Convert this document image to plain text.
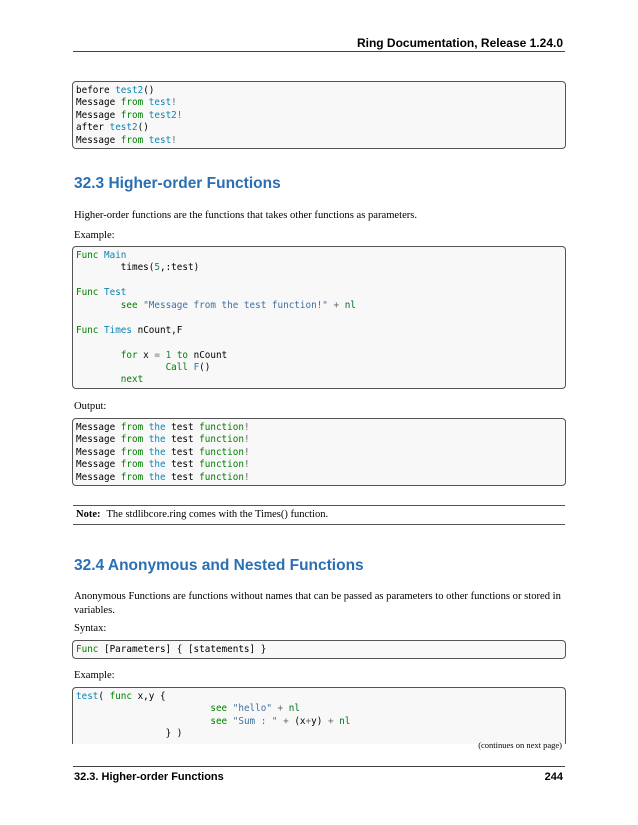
Ring Documentation, Release 1.24.0
before test2()
Message from test!
Message from test2!
after test2()
Message from test!
32.3 Higher-order Functions
Higher-order functions are the functions that takes other functions as parameters.
Example:
Func Main
times(5,:test)
Func Test
see "Message from the test function!" + nl
Func Times nCount,F
for x = 1 to nCount
Call F()
next
Output:
Message from the test function!
Message from the test function!
Message from the test function!
Message from the test function!
Message from the test function!
Note: The stdlibcore.ring comes with the Times() function.
32.4 Anonymous and Nested Functions
Anonymous Functions are functions without names that can be passed as parameters to other functions or stored in variables.
Syntax:
Func [Parameters] { [statements] }
Example:
test( func x,y {
see "hello" + nl
see "Sum : " + (x+y) + nl
} )
(continues on next page)
32.3. Higher-order Functions	244
